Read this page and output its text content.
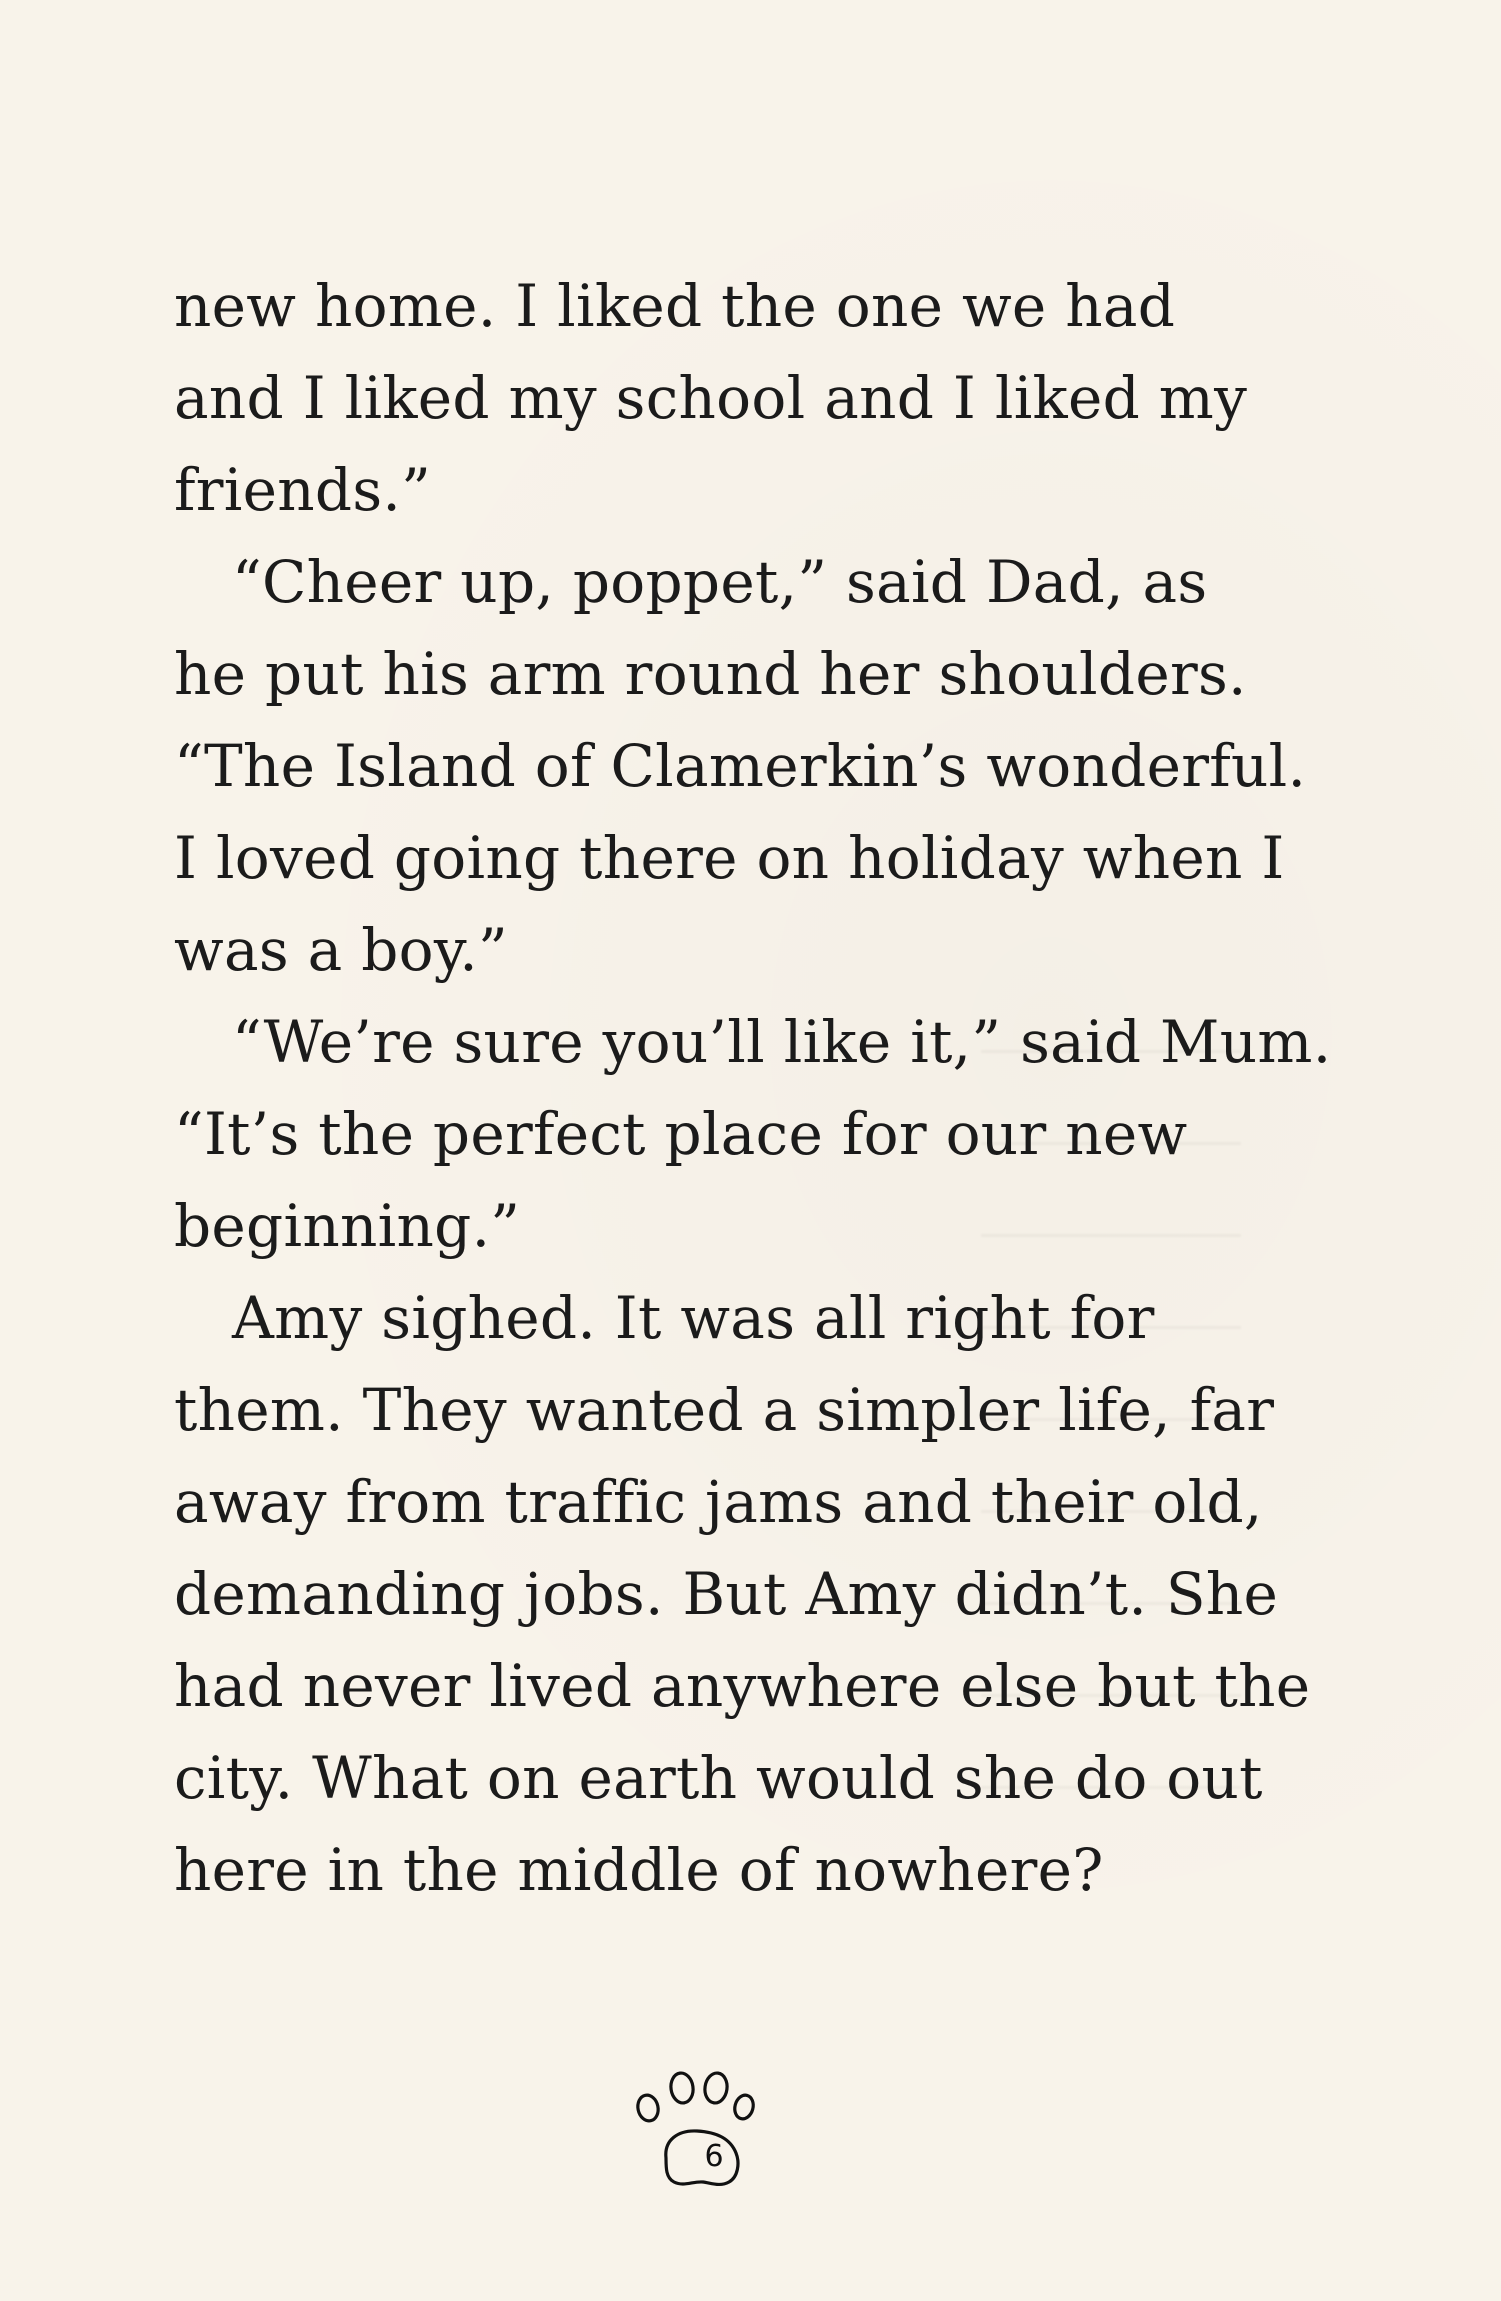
new home. I liked the one we had
and I liked my school and I liked my
friends.”
“Cheer up, poppet,” said Dad, as
he put his arm round her shoulders.
“The Island of Clamerkin’s wonderful.
I loved going there on holiday when I
was a boy.”
“We’re sure you’ll like it,” said Mum.
“It’s the perfect place for our new
beginning.”
Amy sighed. It was all right for
them. They wanted a simpler life, far
away from traffic jams and their old,
demanding jobs. But Amy didn’t. She
had never lived anywhere else but the
city. What on earth would she do out
here in the middle of nowhere?
6
